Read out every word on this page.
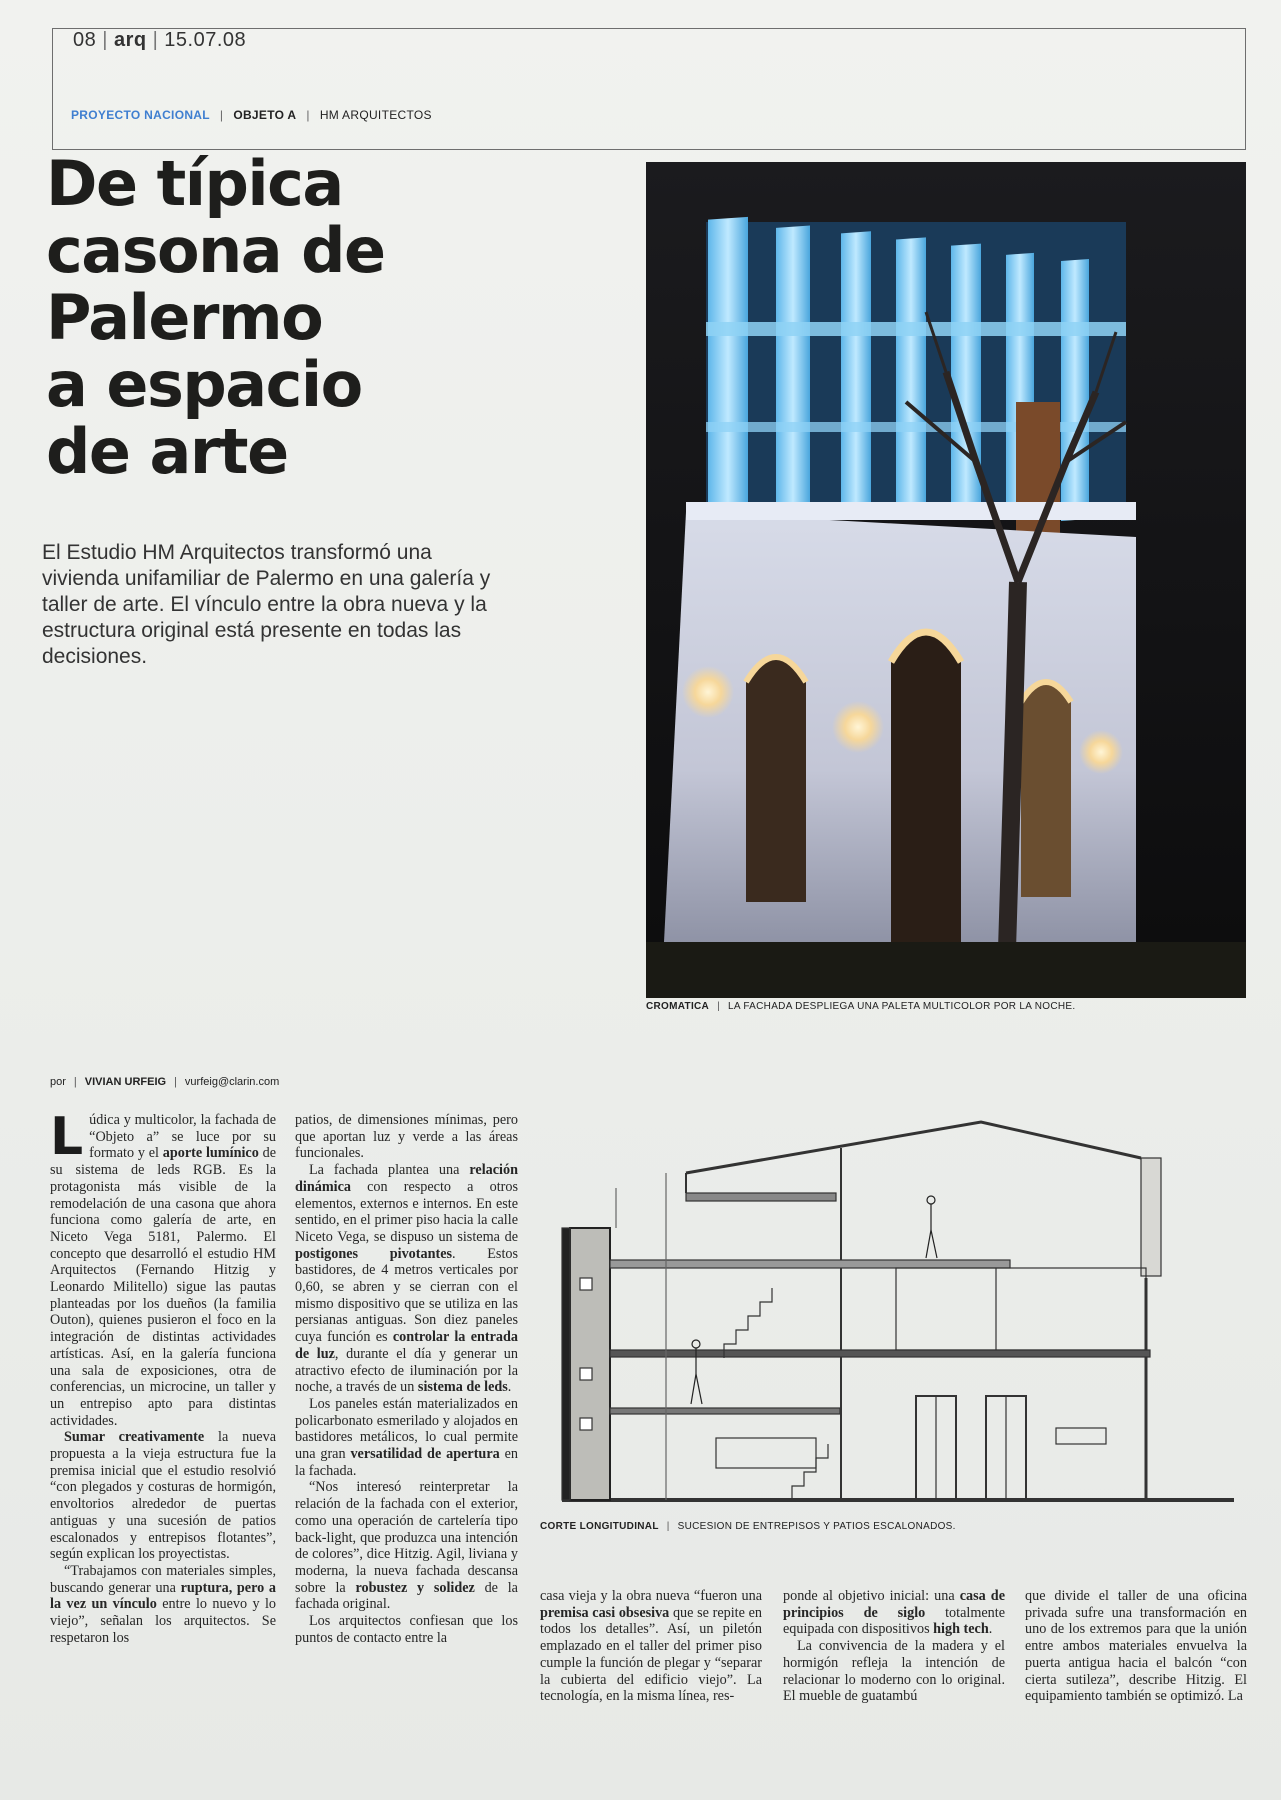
08 | arq | 15.07.08
PROYECTO NACIONAL | OBJETO A | HM ARQUITECTOS
De típica
casona de
Palermo
a espacio
de arte

El Estudio HM Arquitectos transformó una vivienda unifamiliar de Palermo en una galería y taller de arte. El vínculo entre la obra nueva y la estructura original está presente en todas las decisiones.

CROMATICA | LA FACHADA DESPLIEGA UNA PALETA MULTICOLOR POR LA NOCHE.
por | VIVIAN URFEIG | vurfeig@clarin.com

Lúdica y multicolor, la fachada de “Objeto a” se luce por su formato y el aporte lumínico de su sistema de leds RGB. Es la protagonista más visible de la remodelación de una casona que ahora funciona como galería de arte, en Niceto Vega 5181, Palermo. El concepto que desarrolló el estudio HM Arquitectos (Fernando Hitzig y Leonardo Militello) sigue las pautas planteadas por los dueños (la familia Outon), quienes pusieron el foco en la integración de distintas actividades artísticas. Así, en la galería funciona una sala de exposiciones, otra de conferencias, un microcine, un taller y un entrepiso apto para distintas actividades.

Sumar creativamente la nueva propuesta a la vieja estructura fue la premisa inicial que el estudio resolvió “con plegados y costuras de hormigón, envoltorios alrededor de puertas antiguas y una sucesión de patios escalonados y entrepisos flotantes”, según explican los proyectistas.

“Trabajamos con materiales simples, buscando generar una ruptura, pero a la vez un vínculo entre lo nuevo y lo viejo”, señalan los arquitectos. Se respetaron los

patios, de dimensiones mínimas, pero que aportan luz y verde a las áreas funcionales.

La fachada plantea una relación dinámica con respecto a otros elementos, externos e internos. En este sentido, en el primer piso hacia la calle Niceto Vega, se dispuso un sistema de postigones pivotantes. Estos bastidores, de 4 metros verticales por 0,60, se abren y se cierran con el mismo dispositivo que se utiliza en las persianas antiguas. Son diez paneles cuya función es controlar la entrada de luz, durante el día y generar un atractivo efecto de iluminación por la noche, a través de un sistema de leds.

Los paneles están materializados en policarbonato esmerilado y alojados en bastidores metálicos, lo cual permite una gran versatilidad de apertura en la fachada.

“Nos interesó reinterpretar la relación de la fachada con el exterior, como una operación de cartelería tipo back-light, que produzca una intención de colores”, dice Hitzig. Agil, liviana y moderna, la nueva fachada descansa sobre la robustez y solidez de la fachada original.

Los arquitectos confiesan que los puntos de contacto entre la

CORTE LONGITUDINAL | SUCESION DE ENTREPISOS Y PATIOS ESCALONADOS.

casa vieja y la obra nueva “fueron una premisa casi obsesiva que se repite en todos los detalles”. Así, un piletón emplazado en el taller del primer piso cumple la función de plegar y “separar la cubierta del edificio viejo”. La tecnología, en la misma línea, res-

ponde al objetivo inicial: una casa de principios de siglo totalmente equipada con dispositivos high tech.

La convivencia de la madera y el hormigón refleja la intención de relacionar lo moderno con lo original. El mueble de guatambú

que divide el taller de una oficina privada sufre una transformación en uno de los extremos para que la unión entre ambos materiales envuelva la puerta antigua hacia el balcón “con cierta sutileza”, describe Hitzig. El equipamiento también se optimizó. La
